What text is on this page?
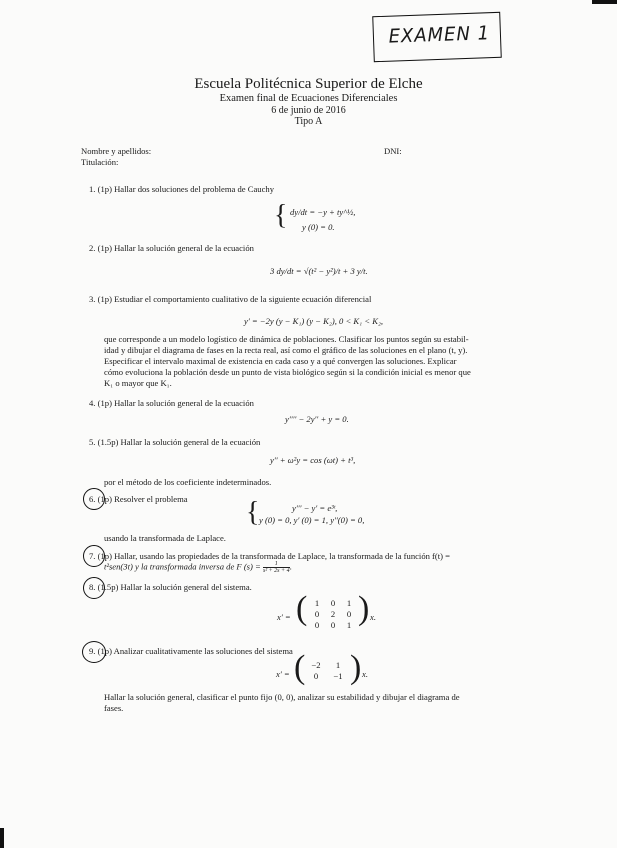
EXAMEN 1
Escuela Politécnica Superior de Elche
Examen final de Ecuaciones Diferenciales
6 de junio de 2016
Tipo A
Nombre y apellidos:
Titulación:
DNI:
1. (1p) Hallar dos soluciones del problema de Cauchy
{ dy/dt = −y + ty^½,
y (0) = 0.
2. (1p) Hallar la solución general de la ecuación
3 dy/dt = √(t² − y²)/t + 3 y/t.
3. (1p) Estudiar el comportamiento cualitativo de la siguiente ecuación diferencial
y′ = −2y (y − K₁) (y − K₂), 0 < K₁ < K₂,
que corresponde a un modelo logístico de dinámica de poblaciones. Clasificar los puntos según su estabil-
idad y dibujar el diagrama de fases en la recta real, así como el gráfico de las soluciones en el plano (t, y).
Especificar el intervalo maximal de existencia en cada caso y a qué convergen las soluciones. Explicar
cómo evoluciona la población desde un punto de vista biológico según si la condición inicial es menor que
K₁ o mayor que K₁.
4. (1p) Hallar la solución general de la ecuación
y′′′′ − 2y′′ + y = 0.
5. (1.5p) Hallar la solución general de la ecuación
y′′ + ω²y = cos (ωt) + t³,
por el método de los coeficiente indeterminados.
6. (1p) Resolver el problema {	y′′′ − y′ = e³ᵗ,
y (0) = 0, y′ (0) = 1, y′′(0) = 0,
usando la transformada de Laplace.
7. (1p) Hallar, usando las propiedades de la transformada de Laplace, la transformada de la función f(t) =
t²sen(3t) y la transformada inversa de F $(s) = \frac{1}{\text{s² + 2s + 4}}$ .
8. (1.5p) Hallar la solución general del sistema.
x′ = ( 1	0	1
0	2	0
0	0	1 ) x.
9. (1p) Analizar cualitativamente las soluciones del sistema
x′ = ( −2	1
0	−1 ) x.
Hallar la solución general, clasificar el punto fijo (0, 0), analizar su estabilidad y dibujar el diagrama de
fases.
